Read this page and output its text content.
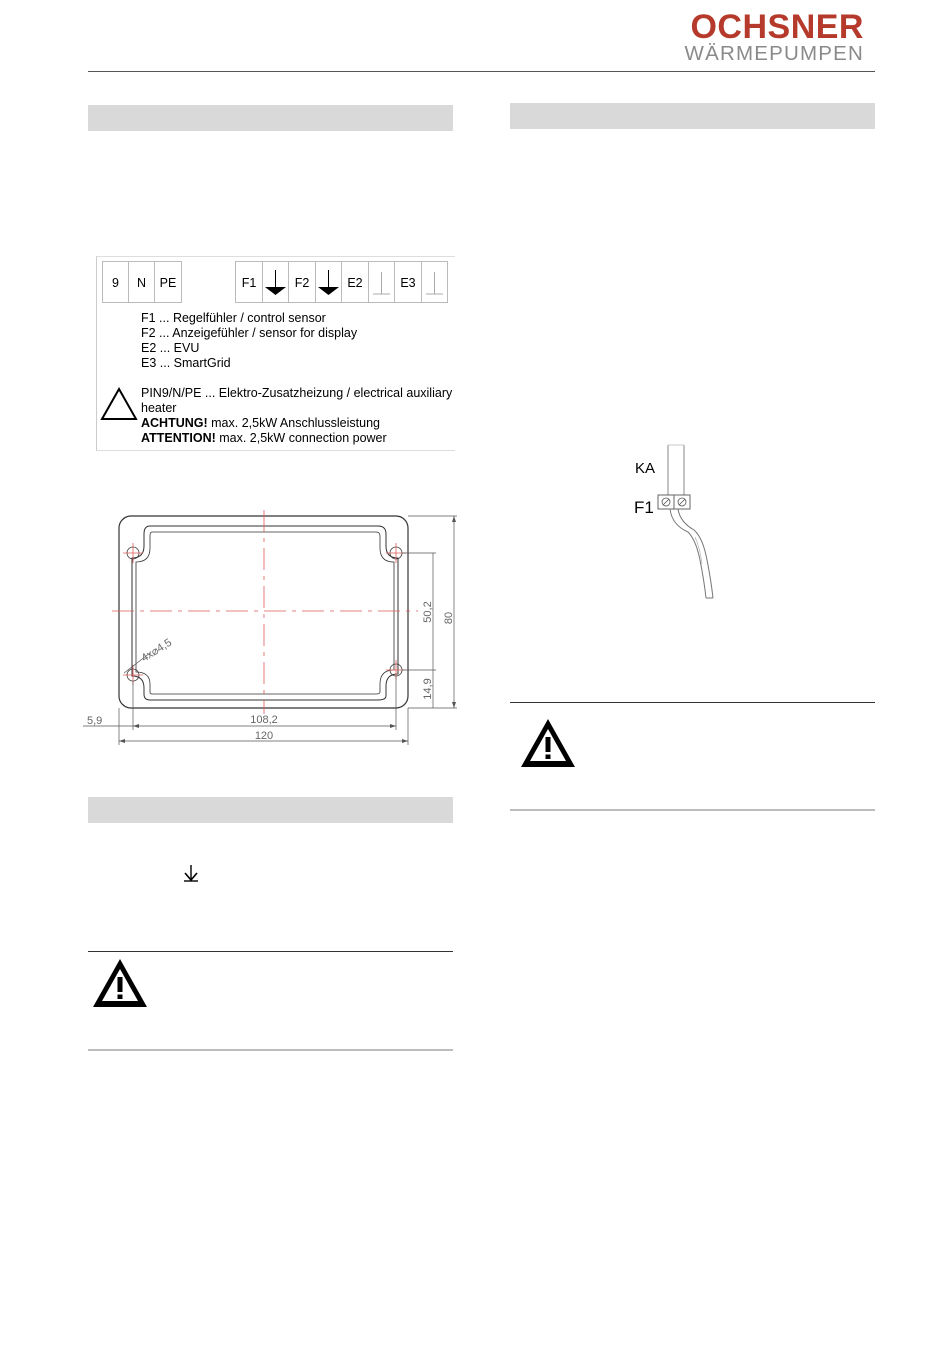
OCHSNER
WÄRMEPUMPEN
9	N	PE	F1	F2	E2	E3
F1 ... Regelfühler / control sensor
F2 ... Anzeigefühler / sensor for display
E2 ... EVU
E3 ... SmartGrid
PIN9/N/PE ... Elektro-Zusatzheizung / electrical auxiliary
heater
ACHTUNG! max. 2,5kW Anschlussleistung
ATTENTION! max. 2,5kW connection power
4x⌀4,5
108,2
120
5,9
50,2 80
14,9
KA
F1
